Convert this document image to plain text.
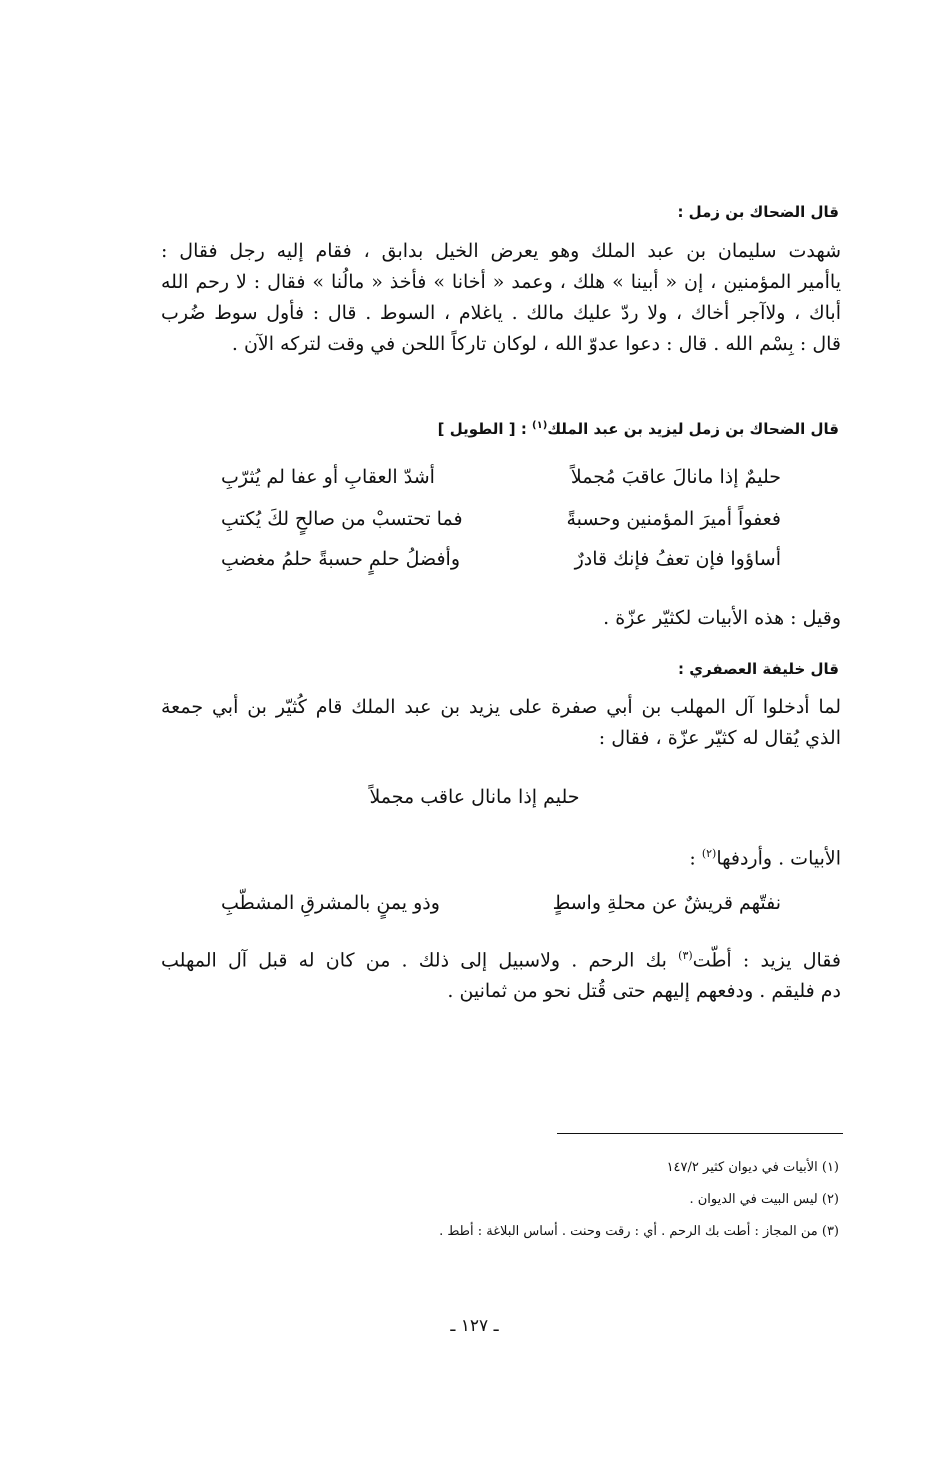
قال الضحاك بن زمل :
شهدت سليمان بن عبد الملك وهو يعرض الخيل بدابق ، فقام إليه رجل فقال :
ياأمير المؤمنين ، إن « أبينا » هلك ، وعمد « أخانا » فأخذ « مالُنا » فقال : لا رحم الله
أباك ، ولاآجر أخاك ، ولا ردّ عليك مالك . ياغلام ، السوط . قال : فأول سوط ضُرب
قال : بِسْم الله . قال : دعوا عدوّ الله ، لوكان تاركاً اللحن في وقت لتركه الآن .
قال الضحاك بن زمل ليزيد بن عبد الملك$^{(١)}$ : [ الطويل ]
حليمٌ إذا مانالَ عاقبَ مُجملاً
أشدّ العقابِ أو عفا لم يُثرّبِ
فعفواً أميرَ المؤمنين وحسبةً
فما تحتسبْ من صالحٍ لكَ يُكتبِ
أساؤوا فإن تعفُ فإنك قادرٌ
وأفضلُ حلمٍ حسبةً حلمُ مغضبِ
وقيل : هذه الأبيات لكثيّر عزّة .
قال خليفة العصفري :
لما أدخلوا آل المهلب بن أبي صفرة على يزيد بن عبد الملك قام كُثيّر بن أبي جمعة
الذي يُقال له كثيّر عزّة ، فقال :
حليم إذا مانال عاقب مجملاً
الأبيات . وأردفها$^{(٢)}$ :
نفتّهم قريشٌ عن محلةِ واسطٍ
وذو يمنٍ بالمشرقِ المشطّبِ
فقال يزيد : أطّت$^{(٣)}$ بك الرحم . ولاسبيل إلى ذلك . من كان له قبل آل المهلب
دم فليقم . ودفعهم إليهم حتى قُتل نحو من ثمانين .
(١) الأبيات في ديوان كثير ١٤٧/٢
(٢) ليس البيت في الديوان .
(٣) من المجاز : أطت بك الرحم . أي : رقت وحنت . أساس البلاغة : أطط .
ـ ١٢٧ ـ
